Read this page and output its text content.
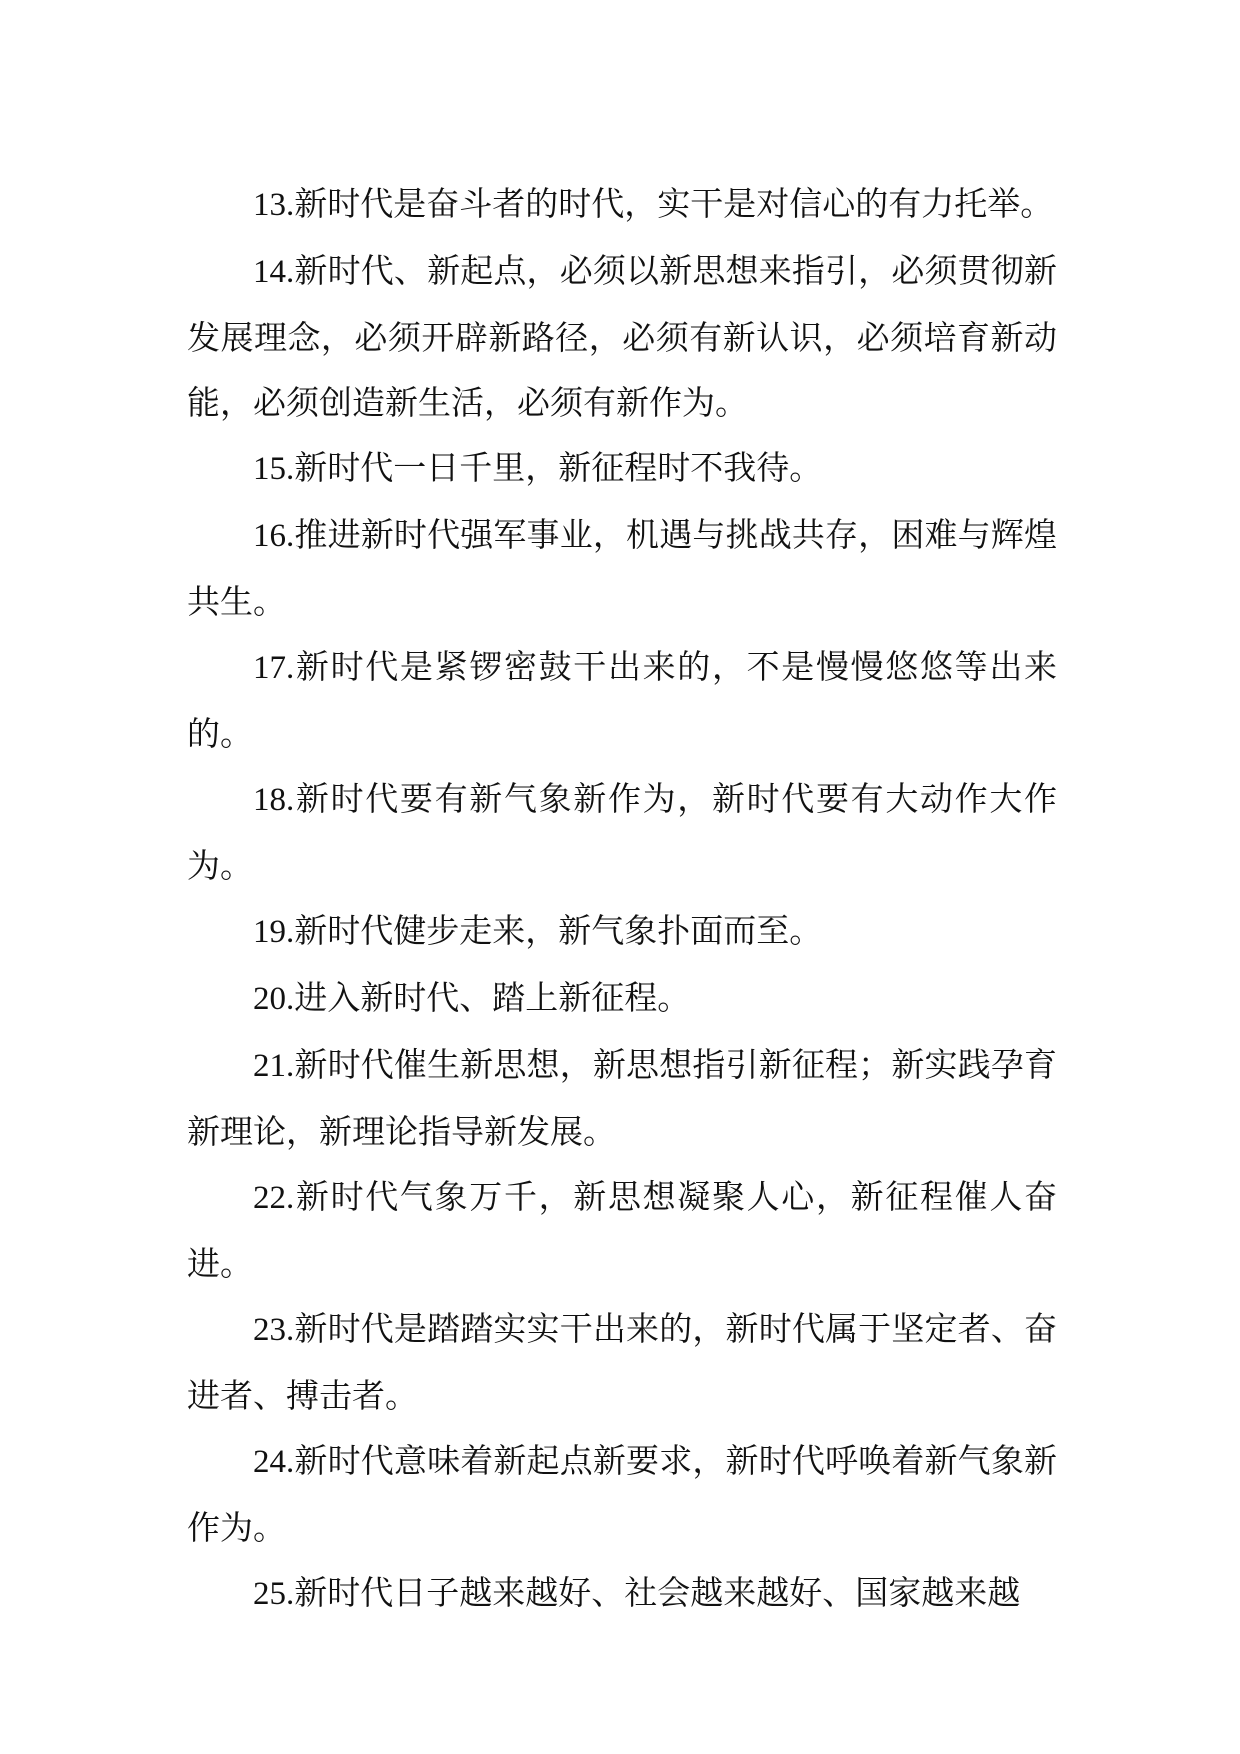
13.新时代是奋斗者的时代，实干是对信心的有力托举。

14.新时代、新起点，必须以新思想来指引，必须贯彻新发展理念，必须开辟新路径，必须有新认识，必须培育新动能，必须创造新生活，必须有新作为。

15.新时代一日千里，新征程时不我待。

16.推进新时代强军事业，机遇与挑战共存，困难与辉煌共生。

17.新时代是紧锣密鼓干出来的，不是慢慢悠悠等出来的。

18.新时代要有新气象新作为，新时代要有大动作大作为。

19.新时代健步走来，新气象扑面而至。

20.进入新时代、踏上新征程。

21.新时代催生新思想，新思想指引新征程；新实践孕育新理论，新理论指导新发展。

22.新时代气象万千，新思想凝聚人心，新征程催人奋进。

23.新时代是踏踏实实干出来的，新时代属于坚定者、奋进者、搏击者。

24.新时代意味着新起点新要求，新时代呼唤着新气象新作为。

25.新时代日子越来越好、社会越来越好、国家越来越
